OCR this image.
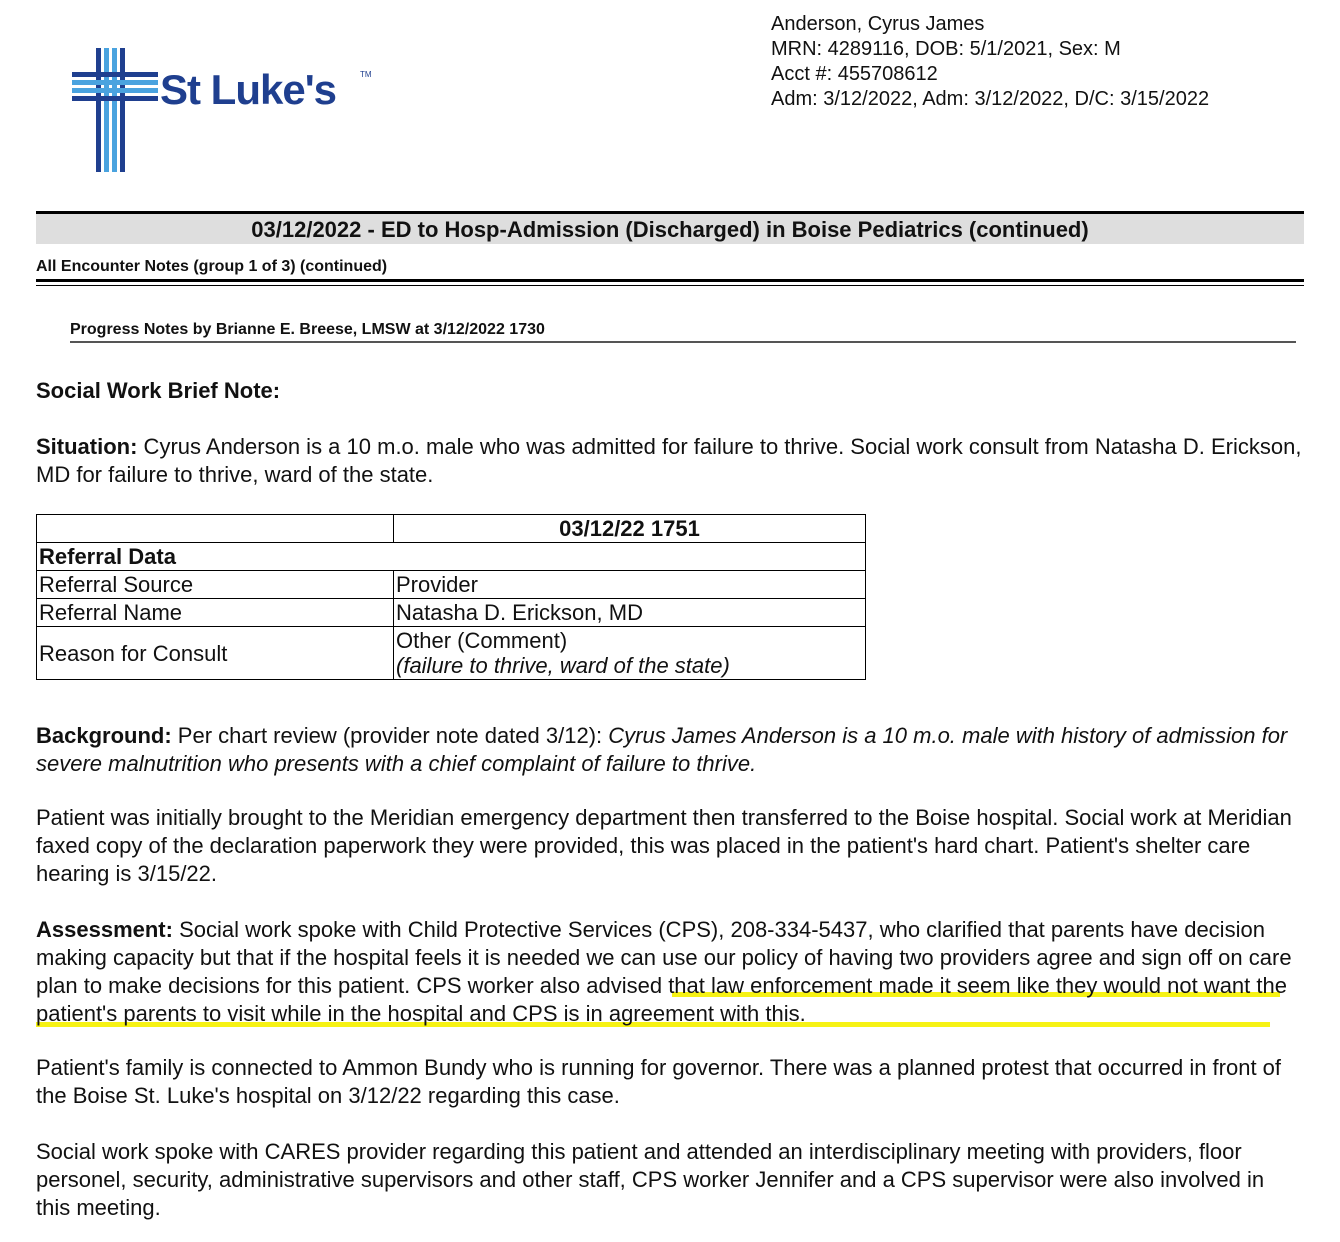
St Luke's	TM
Anderson, Cyrus James
MRN: 4289116, DOB: 5/1/2021, Sex: M
Acct #: 455708612
Adm: 3/12/2022, Adm: 3/12/2022, D/C: 3/15/2022
03/12/2022 - ED to Hosp-Admission (Discharged) in Boise Pediatrics (continued)
All Encounter Notes (group 1 of 3) (continued)
Progress Notes by Brianne E. Breese, LMSW at 3/12/2022 1730
Social Work Brief Note:
Situation: Cyrus Anderson is a 10 m.o. male who was admitted for failure to thrive. Social work consult from Natasha D. Erickson, MD for failure to thrive, ward of the state.
	03/12/22 1751
Referral Data	
Referral Source	Provider
Referral Name	Natasha D. Erickson, MD
Reason for Consult	Other (Comment)
(failure to thrive, ward of the state)
Background: Per chart review (provider note dated 3/12): Cyrus James Anderson is a 10 m.o. male with history of admission for severe malnutrition who presents with a chief complaint of failure to thrive.
Patient was initially brought to the Meridian emergency department then transferred to the Boise hospital. Social work at Meridian faxed copy of the declaration paperwork they were provided, this was placed in the patient's hard chart. Patient's shelter care hearing is 3/15/22.
Assessment: Social work spoke with Child Protective Services (CPS), 208-334-5437, who clarified that parents have decision making capacity but that if the hospital feels it is needed we can use our policy of having two providers agree and sign off on care plan to make decisions for this patient. CPS worker also advised that law enforcement made it seem like they would not want the patient's parents to visit while in the hospital and CPS is in agreement with this.
Patient's family is connected to Ammon Bundy who is running for governor. There was a planned protest that occurred in front of the Boise St. Luke's hospital on 3/12/22 regarding this case.
Social work spoke with CARES provider regarding this patient and attended an interdisciplinary meeting with providers, floor personel, security, administrative supervisors and other staff, CPS worker Jennifer and a CPS supervisor were also involved in this meeting.
